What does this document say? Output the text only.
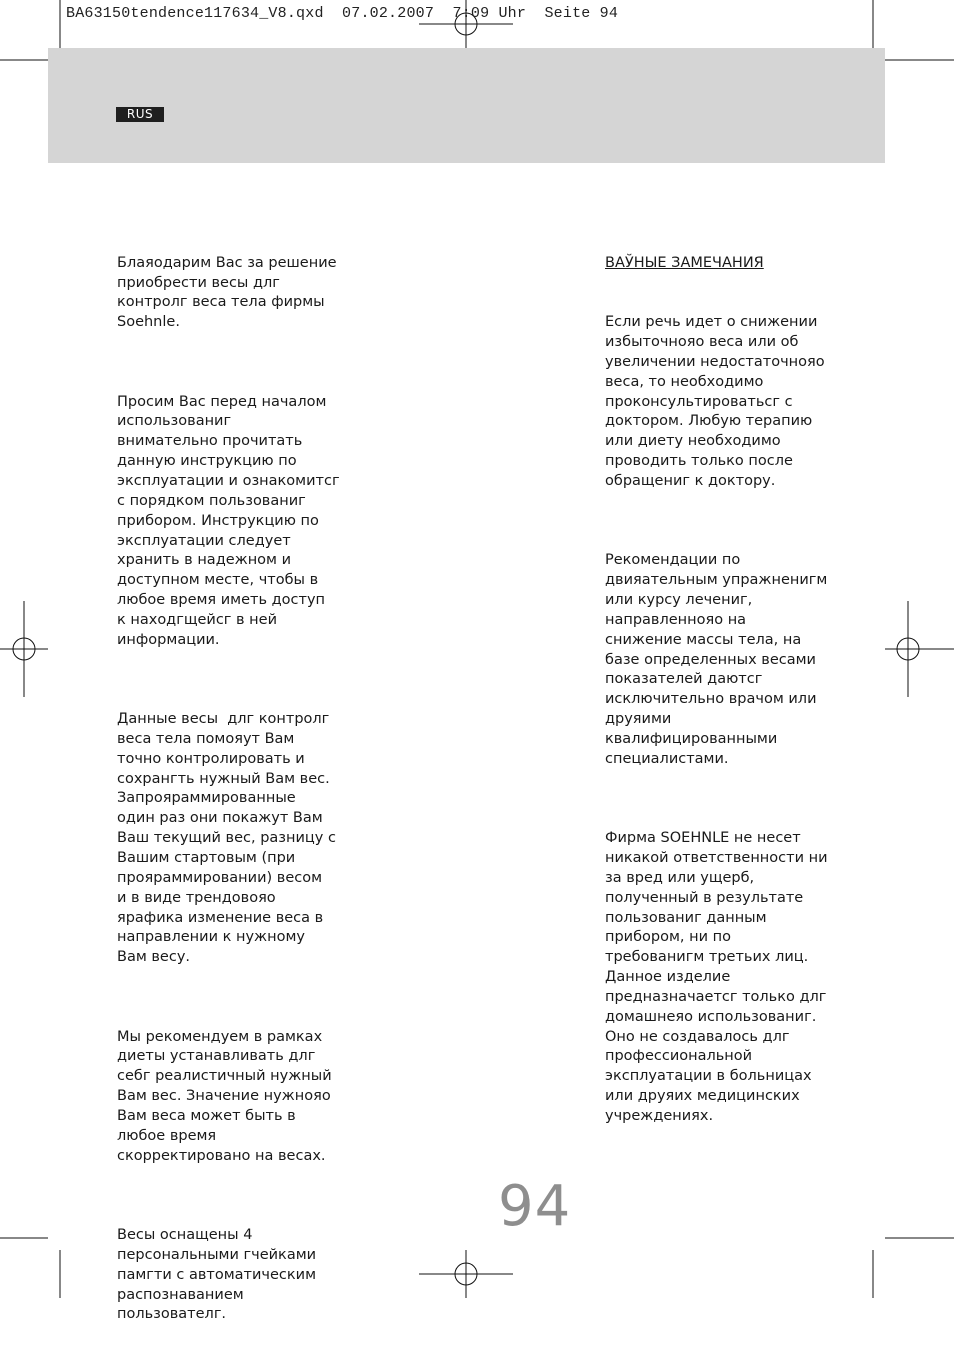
BA63150tendence117634_V8.qxd  07.02.2007  7:09 Uhr  Seite 94
RUS

Блаяодарим Вас за решение
приобрести весы длг
контролг веса тела фирмы
Soehnle.

Просим Вас перед началом
использованиг
внимательно прочитать
данную инструкцию по
эксплуатации и ознакомитсг
с порядком пользованиг
прибором. Инструкцию по
эксплуатации следует
хранить в надежном и
доступном месте, чтобы в
любое время иметь доступ
к находгщейсг в ней
информации.

Данные весы  длг контролг
веса тела помояут Вам
точно контролировать и
сохрангть нужный Вам вес.
Запрояраммированные
один раз они покажут Вам
Ваш текущий вес, разницу с
Вашим стартовым (при
прояраммировании) весом
и в виде трендовояо
ярафика изменение веса в
направлении к нужному
Вам весу.

Мы рекомендуем в рамках
диеты устанавливать длг
себг реалистичный нужный
Вам вес. Значение нужнояо
Вам веса может быть в
любое время
скорректировано на весах.

Весы оснащены 4
персональными гчейками
памгти с автоматическим
распознаванием
пользователг.

ВАЎНЫЕ ЗАМЕЧАНИЯ

Если речь идет о снижении
избыточнояо веса или об
увеличении недостаточнояо
веса, то необходимо
проконсультироватьсг с
доктором. Любую терапию
или диету необходимо
проводить только после
обращениг к доктору.

Рекомендации по
двияательным упражненигм
или курсу лечениг,
направленнояо на
снижение массы тела, на
базе определенных весами
показателей даютсг
исключительно врачом или
друяими
квалифицированными
специалистами.

Фирма SOEHNLE не несет
никакой ответственности ни
за вред или ущерб,
полученный в результате
пользованиг данным
прибором, ни по
требованигм третьих лиц.
Данное изделие
предназначаетсг только длг
домашнеяо использованиг.
Оно не создавалось длг
профессиональной
эксплуатации в больницах
или друяих медицинских
учреждениях.

94
